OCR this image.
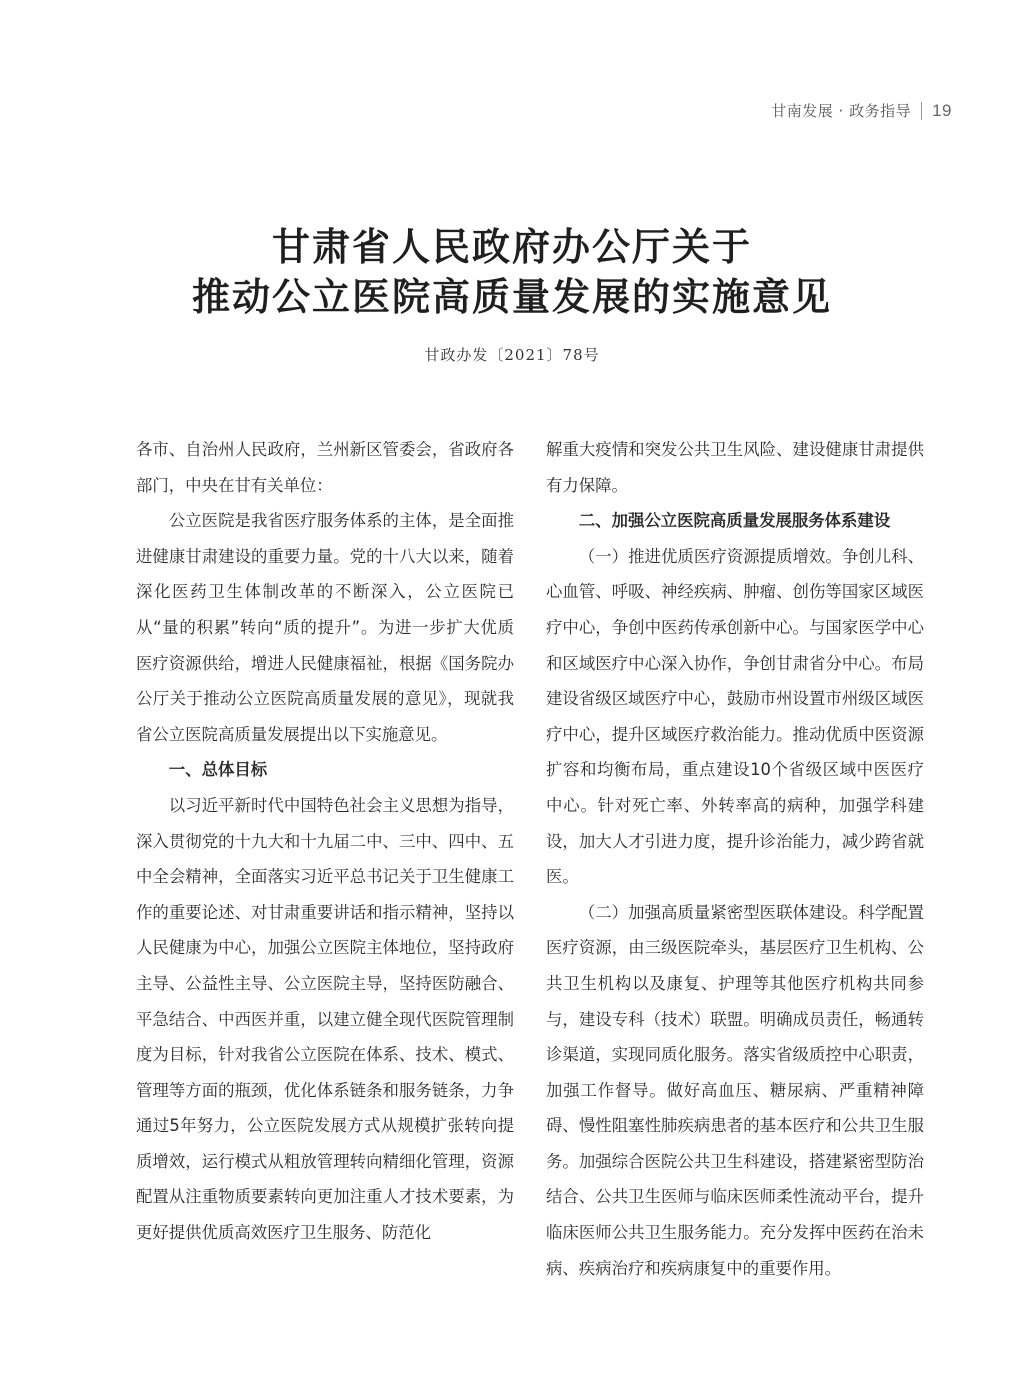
甘南发展 · 政务指导 19
甘肃省人民政府办公厅关于
推动公立医院高质量发展的实施意见
甘政办发〔2021〕78号

各市、自治州人民政府，兰州新区管委会，省政府各部门，中央在甘有关单位：

公立医院是我省医疗服务体系的主体，是全面推进健康甘肃建设的重要力量。党的十八大以来，随着深化医药卫生体制改革的不断深入，公立医院已从“量的积累”转向“质的提升”。为进一步扩大优质医疗资源供给，增进人民健康福祉，根据《国务院办公厅关于推动公立医院高质量发展的意见》，现就我省公立医院高质量发展提出以下实施意见。

一、总体目标

以习近平新时代中国特色社会主义思想为指导，深入贯彻党的十九大和十九届二中、三中、四中、五中全会精神，全面落实习近平总书记关于卫生健康工作的重要论述、对甘肃重要讲话和指示精神，坚持以人民健康为中心，加强公立医院主体地位，坚持政府主导、公益性主导、公立医院主导，坚持医防融合、平急结合、中西医并重，以建立健全现代医院管理制度为目标，针对我省公立医院在体系、技术、模式、管理等方面的瓶颈，优化体系链条和服务链条，力争通过5年努力，公立医院发展方式从规模扩张转向提质增效，运行模式从粗放管理转向精细化管理，资源配置从注重物质要素转向更加注重人才技术要素，为更好提供优质高效医疗卫生服务、防范化

解重大疫情和突发公共卫生风险、建设健康甘肃提供有力保障。

二、加强公立医院高质量发展服务体系建设

（一）推进优质医疗资源提质增效。争创儿科、心血管、呼吸、神经疾病、肿瘤、创伤等国家区域医疗中心，争创中医药传承创新中心。与国家医学中心和区域医疗中心深入协作，争创甘肃省分中心。布局建设省级区域医疗中心，鼓励市州设置市州级区域医疗中心，提升区域医疗救治能力。推动优质中医资源扩容和均衡布局，重点建设10个省级区域中医医疗中心。针对死亡率、外转率高的病种，加强学科建设，加大人才引进力度，提升诊治能力，减少跨省就医。

（二）加强高质量紧密型医联体建设。科学配置医疗资源，由三级医院牵头，基层医疗卫生机构、公共卫生机构以及康复、护理等其他医疗机构共同参与，建设专科（技术）联盟。明确成员责任，畅通转诊渠道，实现同质化服务。落实省级质控中心职责，加强工作督导。做好高血压、糖尿病、严重精神障碍、慢性阻塞性肺疾病患者的基本医疗和公共卫生服务。加强综合医院公共卫生科建设，搭建紧密型防治结合、公共卫生医师与临床医师柔性流动平台，提升临床医师公共卫生服务能力。充分发挥中医药在治未病、疾病治疗和疾病康复中的重要作用。
